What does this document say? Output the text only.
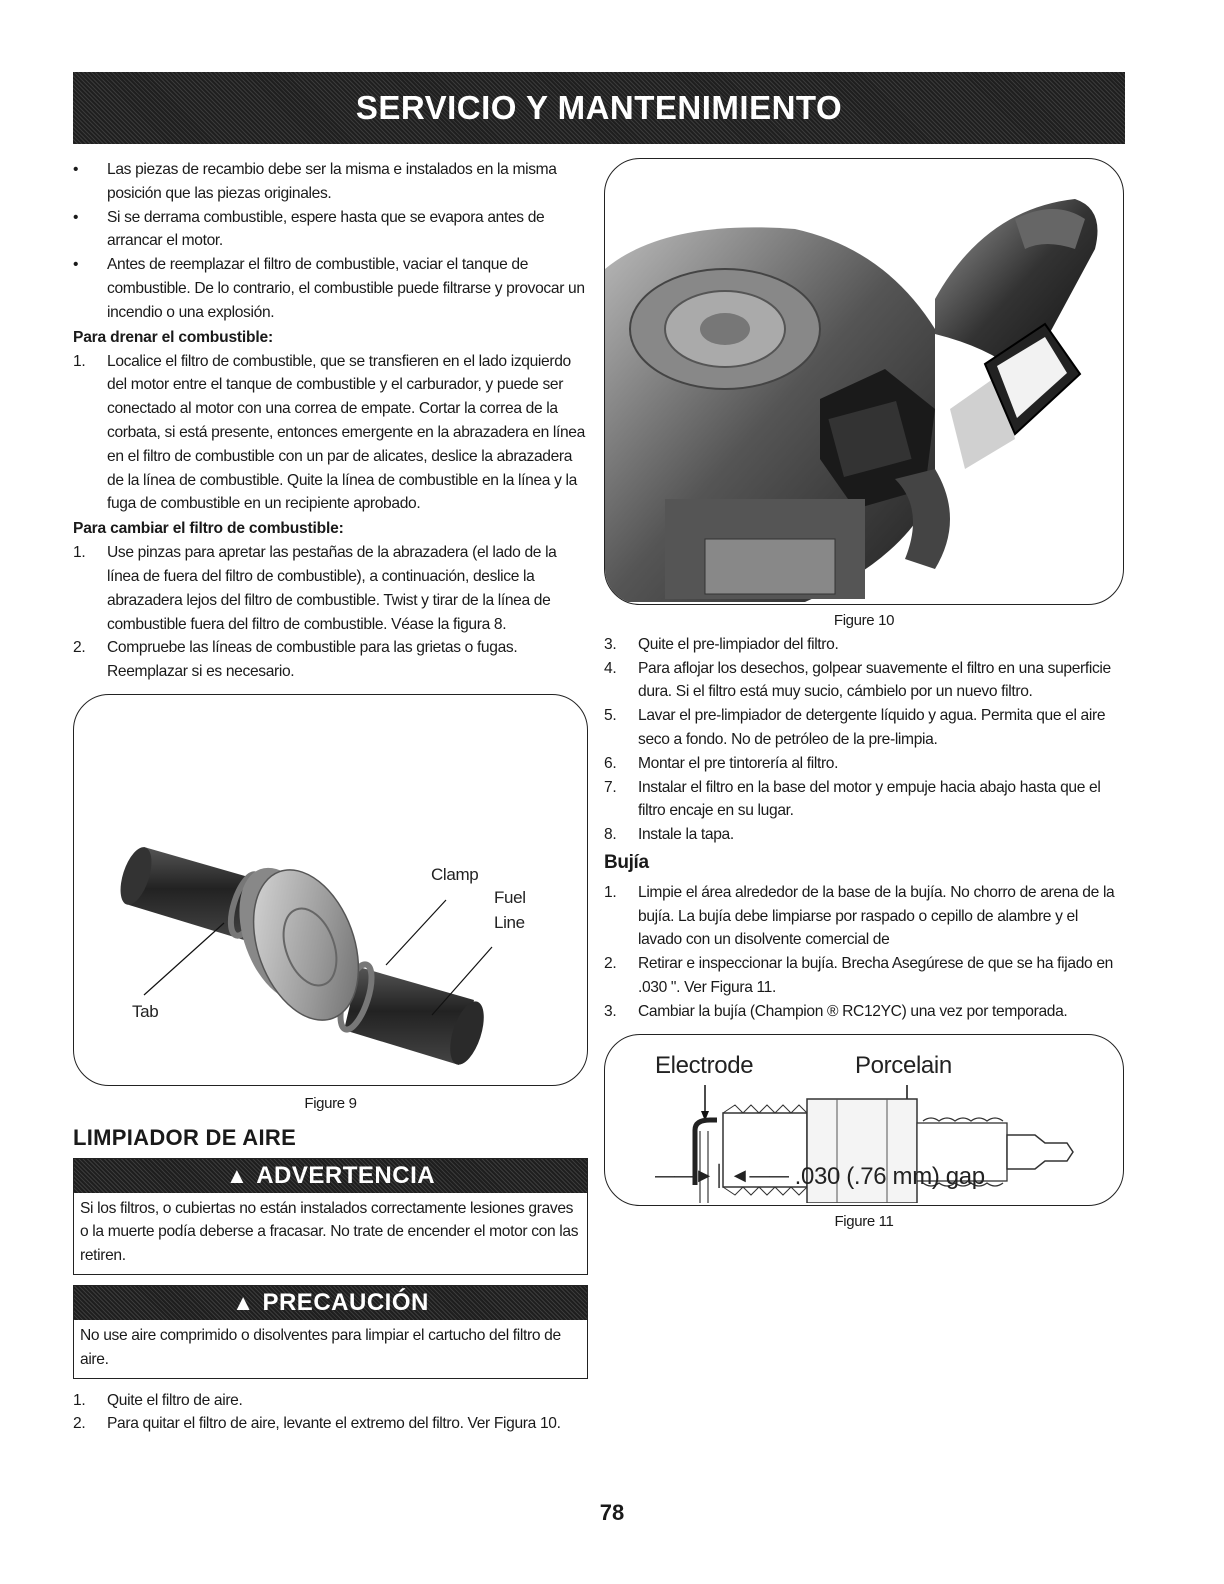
SERVICIO Y MANTENIMIENTO
• Las piezas de recambio debe ser la misma e instalados en la misma posición que las piezas originales.
• Si se derrama combustible, espere hasta que se evapora antes de arrancar el motor.
• Antes de reemplazar el filtro de combustible, vaciar el tanque de combustible. De lo contrario, el combustible puede filtrarse y provocar un incendio o una explosión.
Para drenar el combustible:
1. Localice el filtro de combustible, que se transfieren en el lado izquierdo del motor entre el tanque de combustible y el carburador, y puede ser conectado al motor con una correa de empate. Cortar la correa de la corbata, si está presente, entonces emergente en la abrazadera en línea en el filtro de combustible con un par de alicates, deslice la abrazadera de la línea de combustible. Quite la línea de combustible en la línea y la fuga de combustible en un recipiente aprobado.
Para cambiar el filtro de combustible:
1. Use pinzas para apretar las pestañas de la abrazadera (el lado de la línea de fuera del filtro de combustible), a continuación, deslice la abrazadera lejos del filtro de combustible. Twist y tirar de la línea de combustible fuera del filtro de combustible. Véase la figura 8.
2. Compruebe las líneas de combustible para las grietas o fugas. Reemplazar si es necesario.
Clamp
Fuel
Line
Tab
Figure 9
LIMPIADOR DE AIRE
▲ ADVERTENCIA
Si los filtros, o cubiertas no están instalados correctamente lesiones graves o la muerte podía deberse a fracasar. No trate de encender el motor con las retiren.
▲ PRECAUCIÓN
No use aire comprimido o disolventes para limpiar el cartucho del filtro de aire.
1. Quite el filtro de aire.
2. Para quitar el filtro de aire, levante el extremo del filtro. Ver Figura 10.
Figure 10
3. Quite el pre-limpiador del filtro.
4. Para aflojar los desechos, golpear suavemente el filtro en una superficie dura. Si el filtro está muy sucio, cámbielo por un nuevo filtro.
5. Lavar el pre-limpiador de detergente líquido y agua. Permita que el aire seco a fondo. No de petróleo de la pre-limpia.
6. Montar el pre tintorería al filtro.
7. Instalar el filtro en la base del motor y empuje hacia abajo hasta que el filtro encaje en su lugar.
8. Instale la tapa.
Bujía
1. Limpie el área alrededor de la base de la bujía. No chorro de arena de la bujía. La bujía debe limpiarse por raspado o cepillo de alambre y el lavado con un disolvente comercial de
2. Retirar e inspeccionar la bujía. Brecha Asegúrese de que se ha fijado en .030 ". Ver Figura 11.
3. Cambiar la bujía (Champion ® RC12YC) una vez por temporada.
Electrode	Porcelain
——►│ ◄—— .030 (.76 mm) gap
Figure 11
78
